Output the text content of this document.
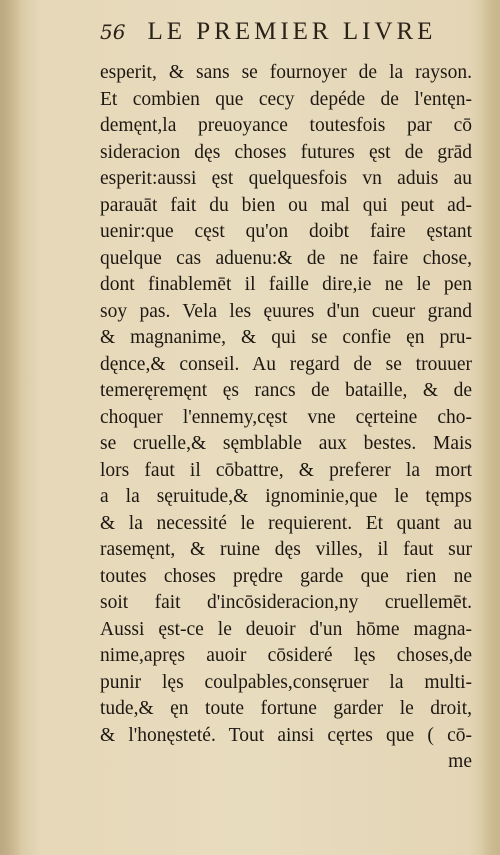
56 LE PREMIER LIVRE
esperit, & sans se fournoyer de la rayson.
Et combien que cecy depéde de l'entęn-
demęnt,la preuoyance toutesfois par cō
sideracion dęs choses futures ęst de grād
esperit:aussi ęst quelquesfois vn aduis au
parauāt fait du bien ou mal qui peut ad-
uenir:que cęst qu'on doibt faire ęstant
quelque cas aduenu:& de ne faire chose,
dont finablemēt il faille dire,ie ne le pen
soy pas. Vela les ęuures d'un cueur grand
& magnanime, & qui se confie ęn pru-
dęnce,& conseil. Au regard de se trouuer
temeręremęnt ęs rancs de bataille, & de
choquer l'ennemy,cęst vne cęrteine cho-
se cruelle,& sęmblable aux bestes. Mais
lors faut il cōbattre, & preferer la mort
a la sęruitude,& ignominie,que le tęmps
& la necessité le requierent. Et quant au
rasemęnt, & ruine dęs villes, il faut sur
toutes choses prędre garde que rien ne
soit fait d'incōsideracion,ny cruellemēt.
Aussi ęst-ce le deuoir d'un hōme magna-
nime,apręs auoir cōsideré lęs choses,de
punir lęs coulpables,consęruer la multi-
tude,& ęn toute fortune garder le droit,
& l'honęsteté. Tout ainsi cęrtes que ( cō-
me
